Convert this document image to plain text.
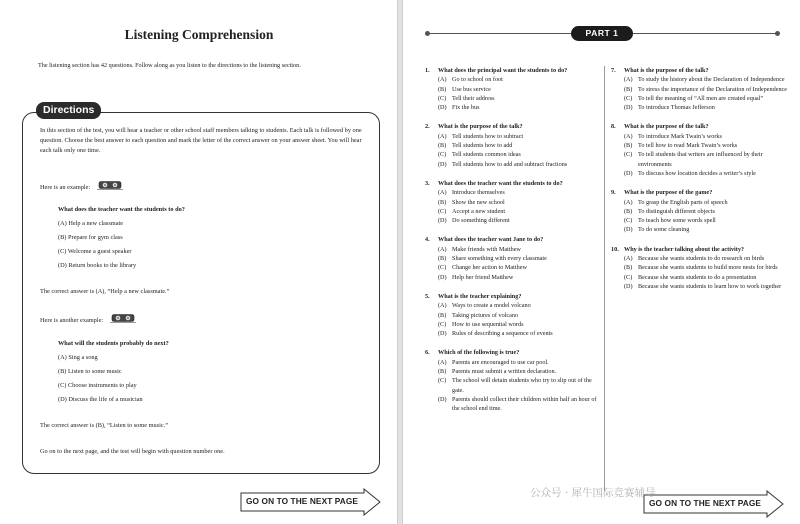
Listening Comprehension
The listening section has 42 questions. Follow along as you listen to the directions to the listening section.
Directions
In this section of the test, you will hear a teacher or other school staff members talking to students. Each talk is followed by one question. Choose the best answer to each question and mark the letter of the correct answer on your answer sheet. You will hear each talk only one time.
Here is an example:
What does the teacher want the students to do?
(A) Help a new classmate
(B) Prepare for gym class
(C) Welcome a guest speaker
(D) Return books to the library
The correct answer is (A), “Help a new classmate.”
Here is another example:
What will the students probably do next?
(A) Sing a song
(B) Listen to some music
(C) Choose instruments to play
(D) Discuss the life of a musician
The correct answer is (B), “Listen to some music.”
Go on to the next page, and the test will begin with question number one.
GO ON TO THE NEXT PAGE
PART 1
1.	What does the principal want the students to do?
(A) Go to school on foot
(B) Use bus service
(C) Tell their address
(D) Fix the bus
2.	What is the purpose of the talk?
(A) Tell students how to subtract
(B) Tell students how to add
(C) Tell students common ideas
(D) Tell students how to add and subtract fractions
3.	What does the teacher want the students to do?
(A) Introduce themselves
(B) Show the new school
(C) Accept a new student
(D) Do something different
4.	What does the teacher want Jane to do?
(A) Make friends with Matthew
(B) Share something with every classmate
(C) Change her action to Matthew
(D) Help her friend Matthew
5.	What is the teacher explaining?
(A) Ways to create a model volcano
(B) Taking pictures of volcano
(C) How to use sequential words
(D) Rules of describing a sequence of events
6.	Which of the following is true?
(A) Parents are encouraged to use car pool.
(B) Parents must submit a written declaration.
(C) The school will detain students who try to slip out of the gate.
(D) Parents should collect their children within half an hour of the school end time.
7.	What is the purpose of the talk?
(A) To study the history about the Declaration of Independence
(B) To stress the importance of the Declaration of Independence
(C) To tell the meaning of “All men are created equal”
(D) To introduce Thomas Jefferson
8.	What is the purpose of the talk?
(A) To introduce Mark Twain’s works
(B) To tell how to read Mark Twain’s works
(C) To tell students that writers are influenced by their environments
(D) To discuss how location decides a writer’s style
9.	What is the purpose of the game?
(A) To grasp the English parts of speech
(B) To distinguish different objects
(C) To teach how some words spell
(D) To do some cleaning
10. Why is the teacher talking about the activity?
(A) Because she wants students to do research on birds
(B) Because she wants students to build more nests for birds
(C) Because she wants students to do a presentation
(D) Because she wants students to learn how to work together
GO ON TO THE NEXT PAGE
公众号 · 犀牛国际竞赛辅导
